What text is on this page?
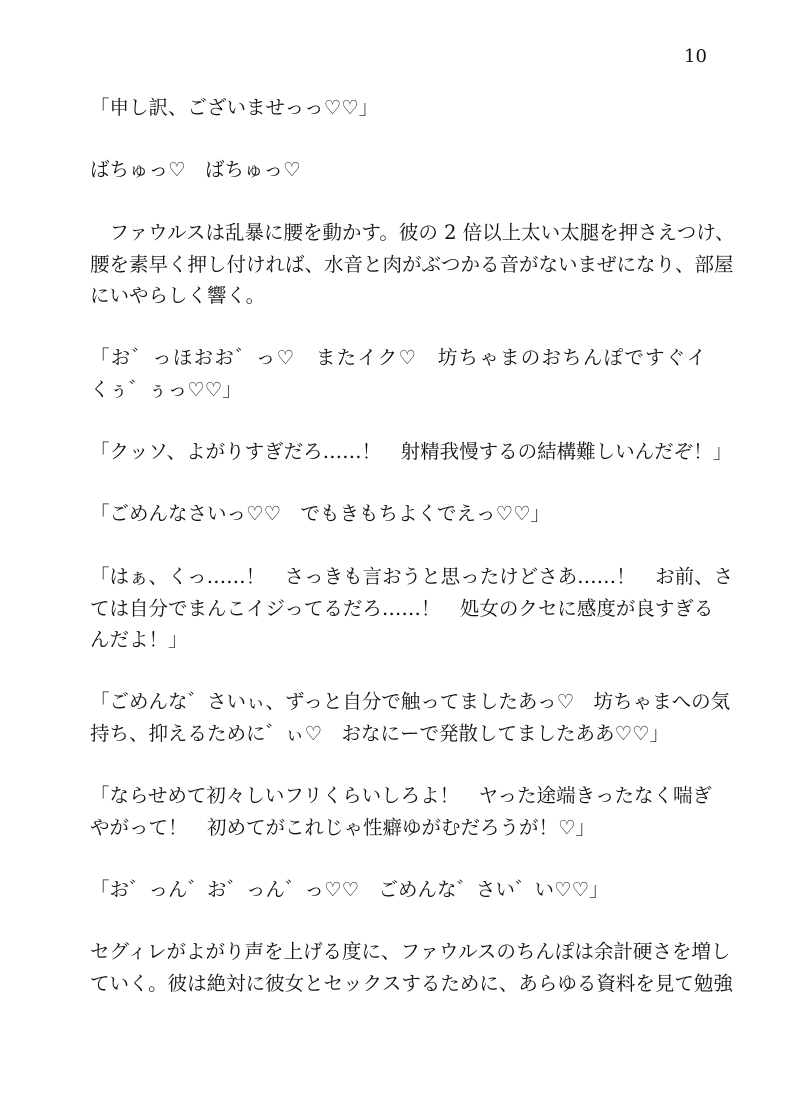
10
「申し訳、ございませっっ♡♡」
ばちゅっ♡　ばちゅっ♡
　ファウルスは乱暴に腰を動かす。彼の 2 倍以上太い太腿を押さえつけ、
腰を素早く押し付ければ、水音と肉がぶつかる音がないまぜになり、部屋
にいやらしく響く。
「お゛っほおお゛っ♡　またイク♡　坊ちゃまのおちんぽですぐイ
くぅ゛ぅっ♡♡」
「クッソ、よがりすぎだろ……！　射精我慢するの結構難しいんだぞ！」
「ごめんなさいっ♡♡　でもきもちよくでえっ♡♡」
「はぁ、くっ……！　さっきも言おうと思ったけどさあ……！　お前、さ
ては自分でまんこイジってるだろ……！　処女のクセに感度が良すぎる
んだよ！」
「ごめんな゛さいぃ、ずっと自分で触ってましたあっ♡　坊ちゃまへの気
持ち、抑えるために゛ぃ♡　おなにーで発散してましたああ♡♡」
「ならせめて初々しいフリくらいしろよ！　ヤった途端きったなく喘ぎ
やがって！　初めてがこれじゃ性癖ゆがむだろうが！♡」
「お゛っん゛お゛っん゛っ♡♡　ごめんな゛さい゛い♡♡」
セグィレがよがり声を上げる度に、ファウルスのちんぽは余計硬さを増し
ていく。彼は絶対に彼女とセックスするために、あらゆる資料を見て勉強
